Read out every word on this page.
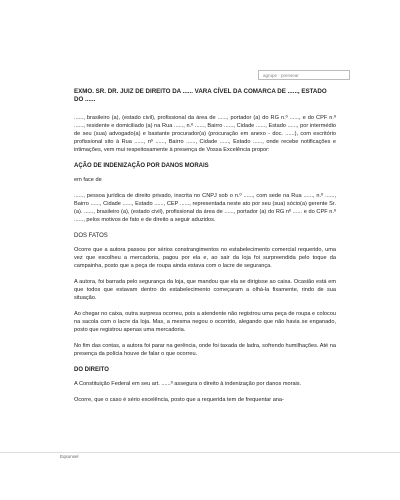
agrupe · prensear

EXMO. SR. DR. JUIZ DE DIREITO DA ...... VARA CÍVEL DA COMARCA DE ......, ESTADO DO ......

......, brasileiro (a), (estado civil), profissional da área de ......, portador (a) do RG n.º ......, e do CPF n.º ......, residente e domiciliado (a) na Rua ......, n.º ......, Bairro ......, Cidade ......, Estado ......, por intermédio de seu (sua) advogado(a) e bastante procurador(a) (procuração em anexo - doc. ......), com escritório profissional sito à Rua ......, nº ......, Bairro ......, Cidade ......, Estado ......, onde recebe notificações e intimações, vem mui respeitosamente à presença de Vossa Excelência propor:

AÇÃO DE INDENIZAÇÃO POR DANOS MORAIS

em face de

......, pessoa jurídica de direito privado, inscrita no CNPJ sob o n.º ......, com sede na Rua ......, n.º ......, Bairro ......, Cidade ......, Estado ......, CEP ......, representada neste ato por seu (sua) sócio(a) gerente Sr. (a). ......, brasileiro (a), (estado civil), profissional da área de ......, portador (a) do RG nº ...... e do CPF n.º ......, pelos motivos de fato e de direito a seguir aduzidos.

DOS FATOS

Ocorre que a autora passou por sérios constrangimentos no estabelecimento comercial requerido, uma vez que escolheu a mercadoria, pagou por ela e, ao sair da loja foi surpreendida pelo toque da campainha, posto que a peça de roupa ainda estava com o lacre de segurança.

A autora, foi barrada pelo segurança da loja, que mandou que ela se dirigisse ao caixa. Ocasião está em que todos que estavam dentro do estabelecimento começaram a olhá-la fixamente, rindo de sua situação.

Ao chegar no caixa, outra surpresa ocorreu, pois a atendente não registrou uma peça de roupa e colocou na sacola com o lacre da loja. Mas, a mesma negou o ocorrido, alegando que não havia se enganado, posto que registrou apenas uma mercadoria.

No fim das contas, a autora foi parar na gerência, onde foi taxada de ladra, sofrendo humilhações. Até na presença da polícia houve de falar o que ocorreu.

DO DIREITO

A Constituição Federal em seu art. ......º assegura o direito à indenização por danos morais.

Ocorre, que o caso é sério excelência, posto que a requerida tem de frequentar ana-

Eqsonsel
